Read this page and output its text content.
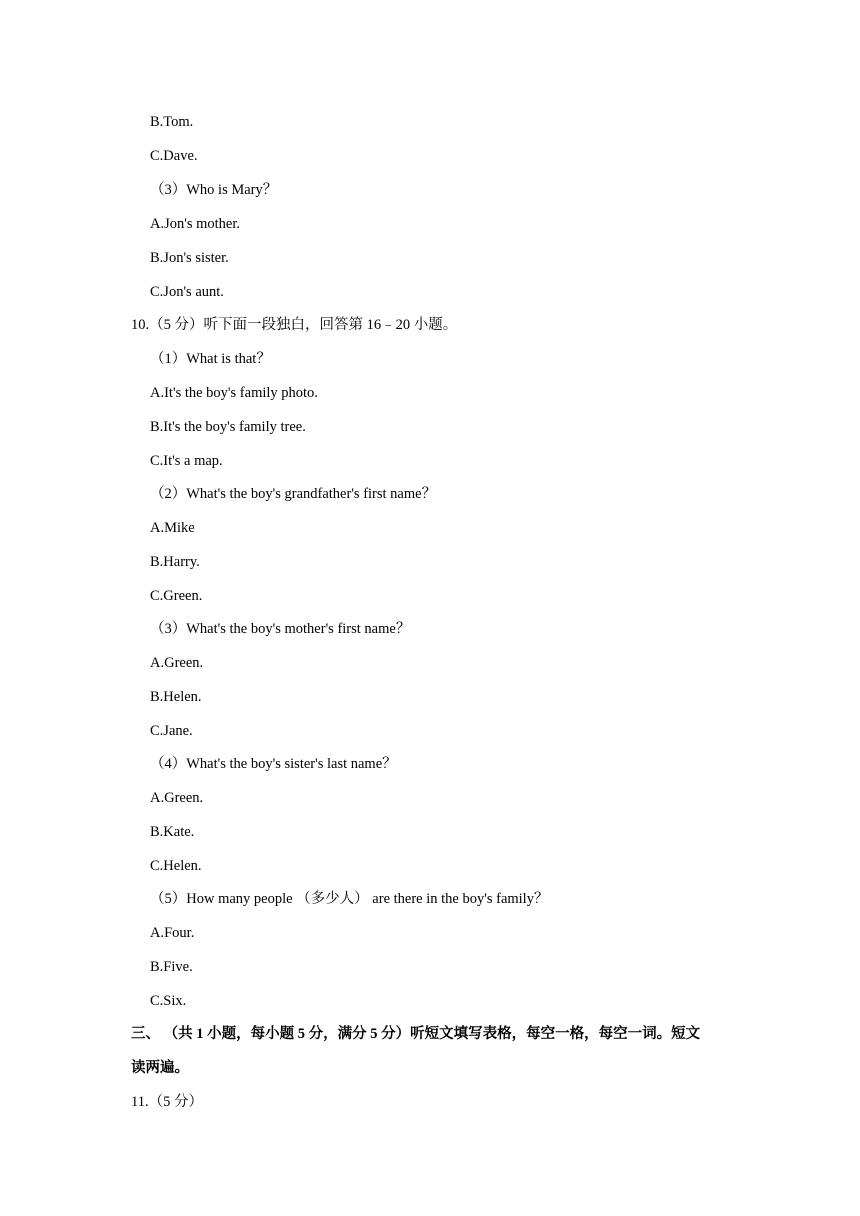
B.Tom.
C.Dave.
（3）Who is Mary？
A.Jon's mother.
B.Jon's sister.
C.Jon's aunt.
10.（5 分）听下面一段独白，回答第 16﹣20 小题。
（1）What is that？
A.It's the boy's family photo.
B.It's the boy's family tree.
C.It's a map.
（2）What's the boy's grandfather's first name？
A.Mike
B.Harry.
C.Green.
（3）What's the boy's mother's first name？
A.Green.
B.Helen.
C.Jane.
（4）What's the boy's sister's last name？
A.Green.
B.Kate.
C.Helen.
（5）How many people （多少人） are there in the boy's family？
A.Four.
B.Five.
C.Six.
三、 （共 1 小题，每小题 5 分，满分 5 分）听短文填写表格，每空一格，每空一词。短文
读两遍。
11.（5 分）
